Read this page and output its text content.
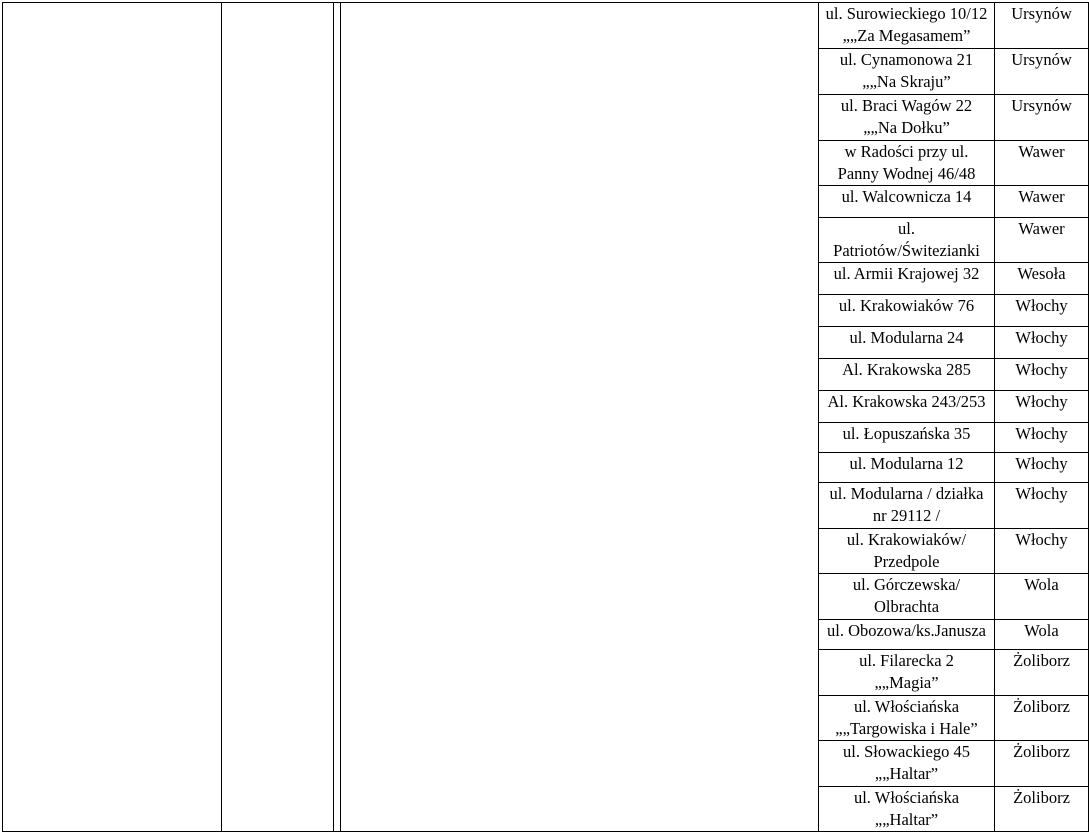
				ul. Surowieckiego 10/12
„„Za Megasamem”	Ursynów

				ul. Cynamonowa 21
„„Na Skraju”	Ursynów

				ul. Braci Wagów 22
„„Na Dołku”	Ursynów

				w Radości przy ul.
Panny Wodnej 46/48	Wawer

				ul. Walcownicza 14	Wawer

				ul.
Patriotów/Świtezianki	Wawer

				ul. Armii Krajowej 32	Wesoła

				ul. Krakowiaków 76	Włochy

				ul. Modularna 24	Włochy

				Al. Krakowska 285	Włochy

				Al. Krakowska 243/253	Włochy

				ul. Łopuszańska 35	Włochy

				ul. Modularna 12	Włochy

				ul. Modularna / działka
nr 29112 /	Włochy

				ul. Krakowiaków/
Przedpole	Włochy

				ul. Górczewska/
Olbrachta	Wola

				ul. Obozowa/ks.Janusza	Wola

				ul. Filarecka 2
„„Magia”	Żoliborz

				ul. Włościańska
„„Targowiska i Hale”	Żoliborz

				ul. Słowackiego 45
„„Haltar”	Żoliborz

				ul. Włościańska
„„Haltar”	Żoliborz
